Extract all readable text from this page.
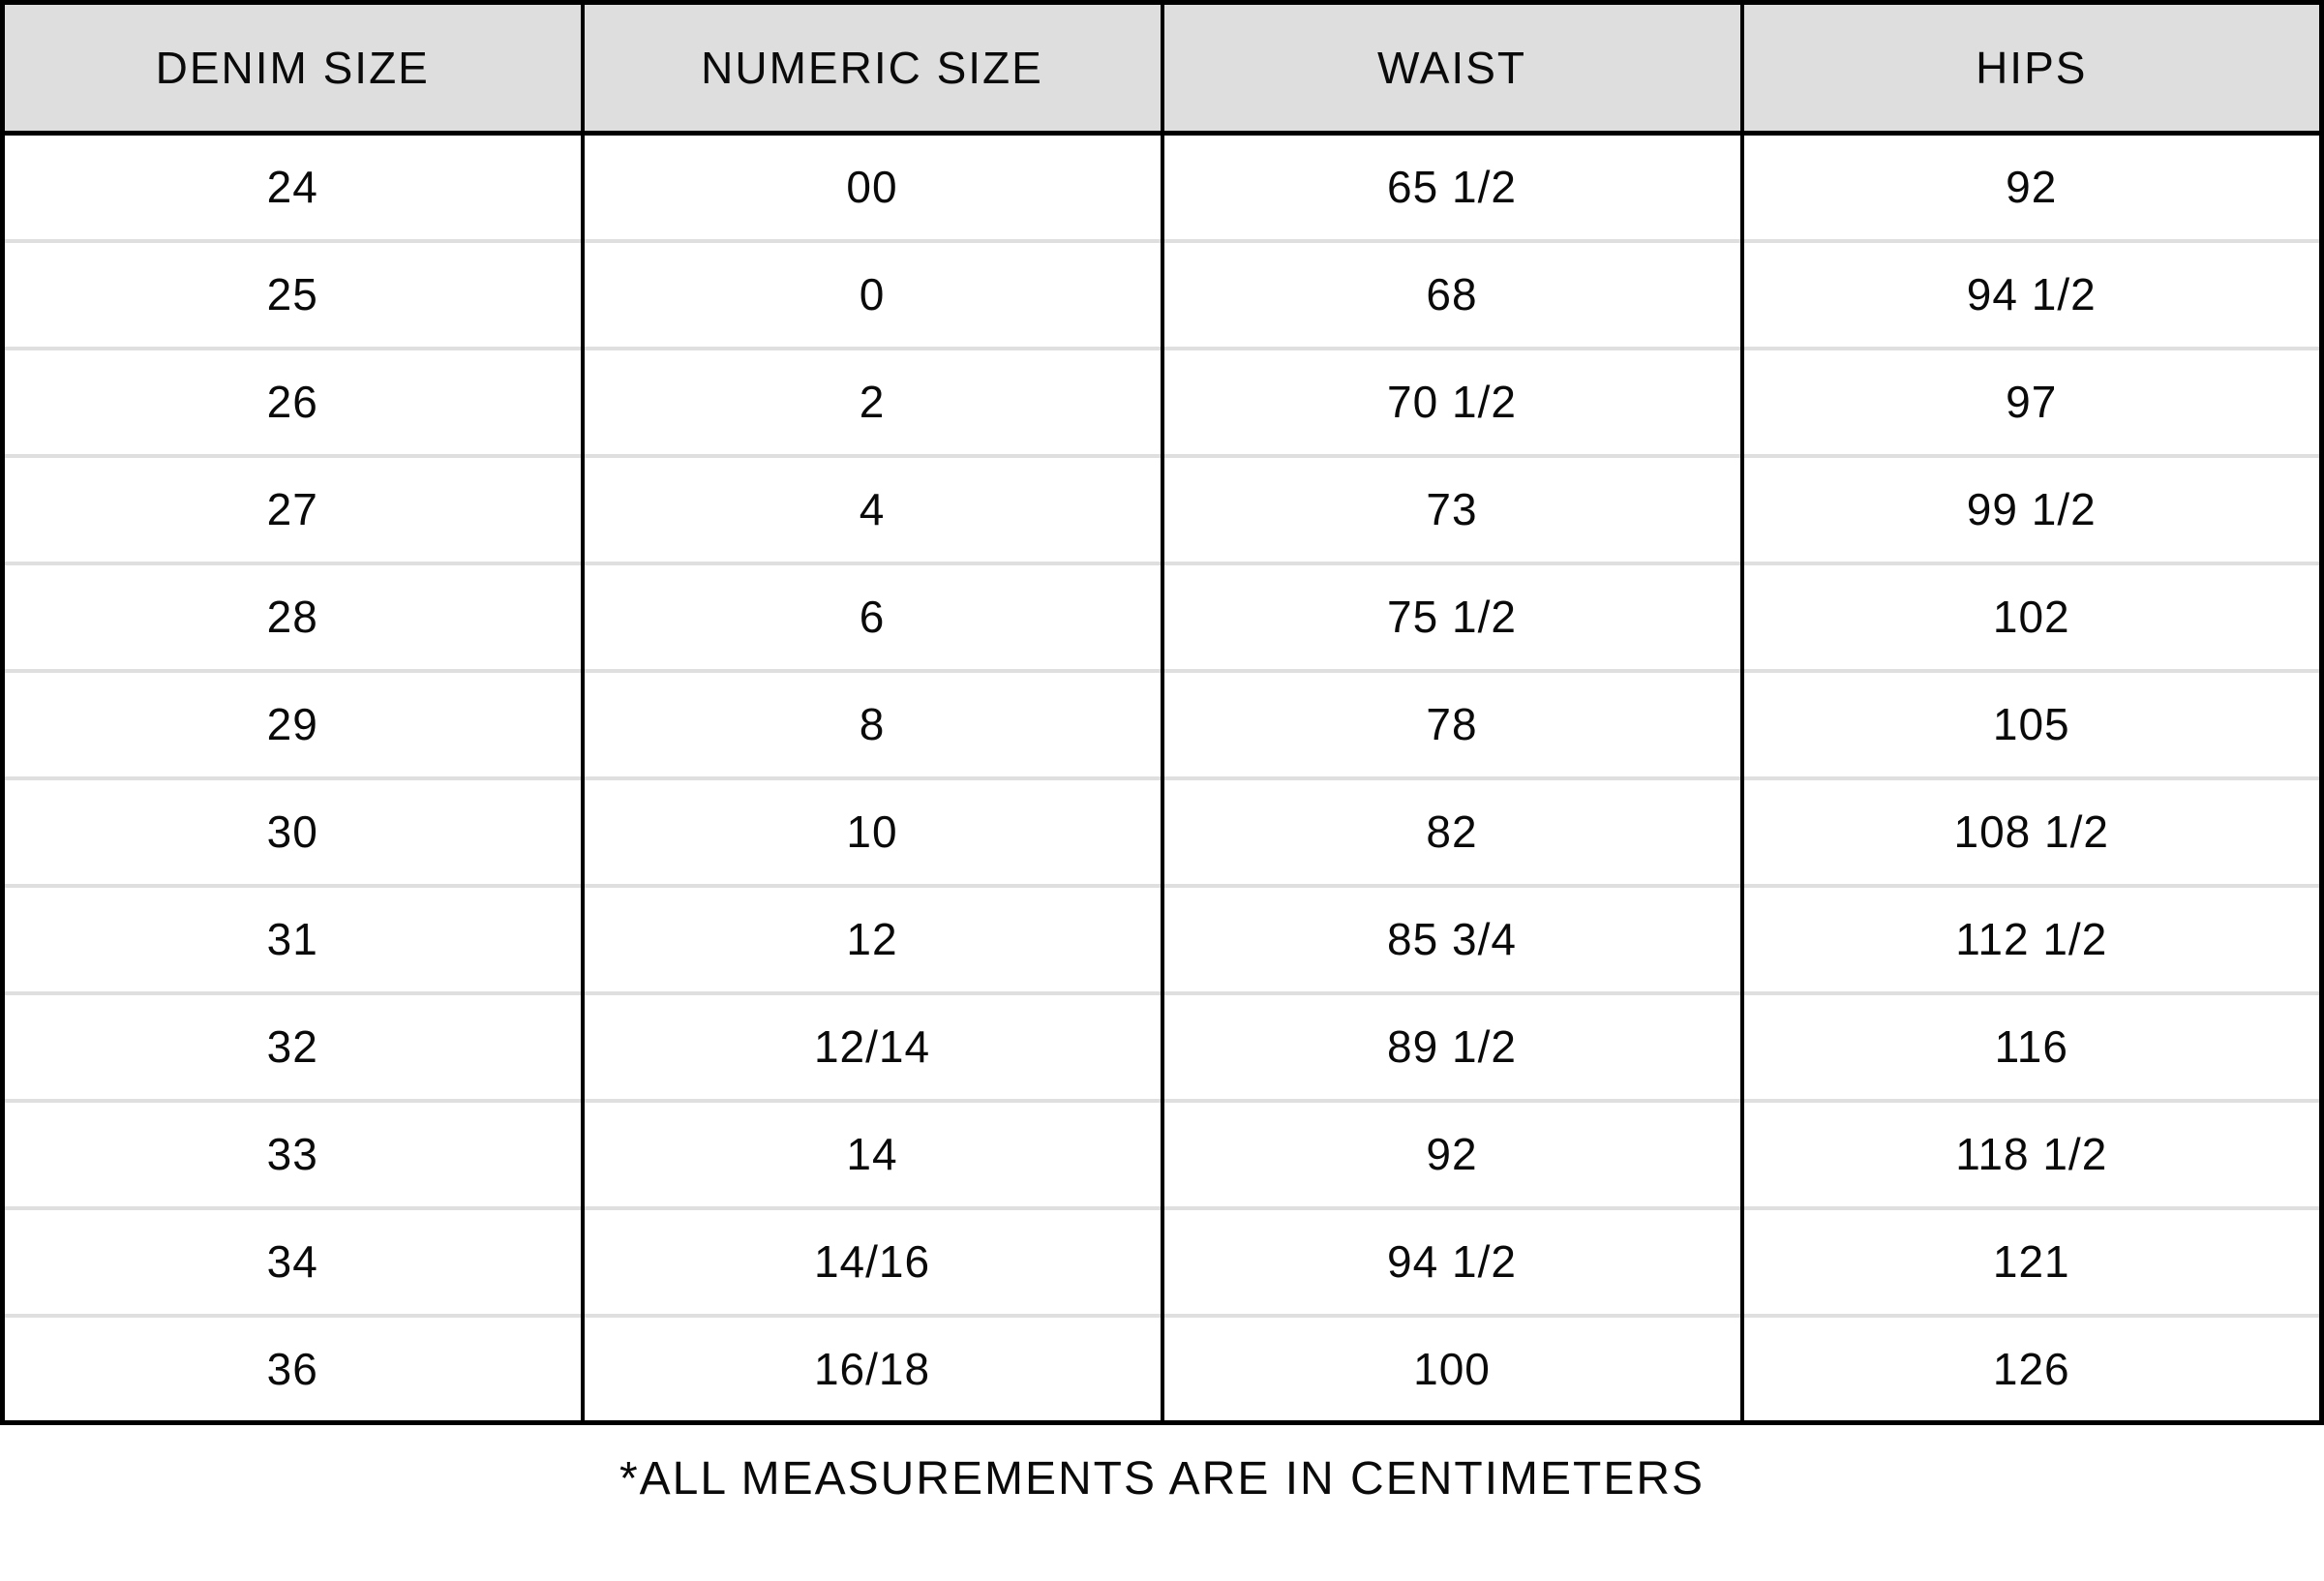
DENIM SIZE	NUMERIC SIZE	WAIST	HIPS
24	00	65 1/2	92
25	0	68	94 1/2
26	2	70 1/2	97
27	4	73	99 1/2
28	6	75 1/2	102
29	8	78	105
30	10	82	108 1/2
31	12	85 3/4	112 1/2
32	12/14	89 1/2	116
33	14	92	118 1/2
34	14/16	94 1/2	121
36	16/18	100	126
*ALL MEASUREMENTS ARE IN CENTIMETERS
